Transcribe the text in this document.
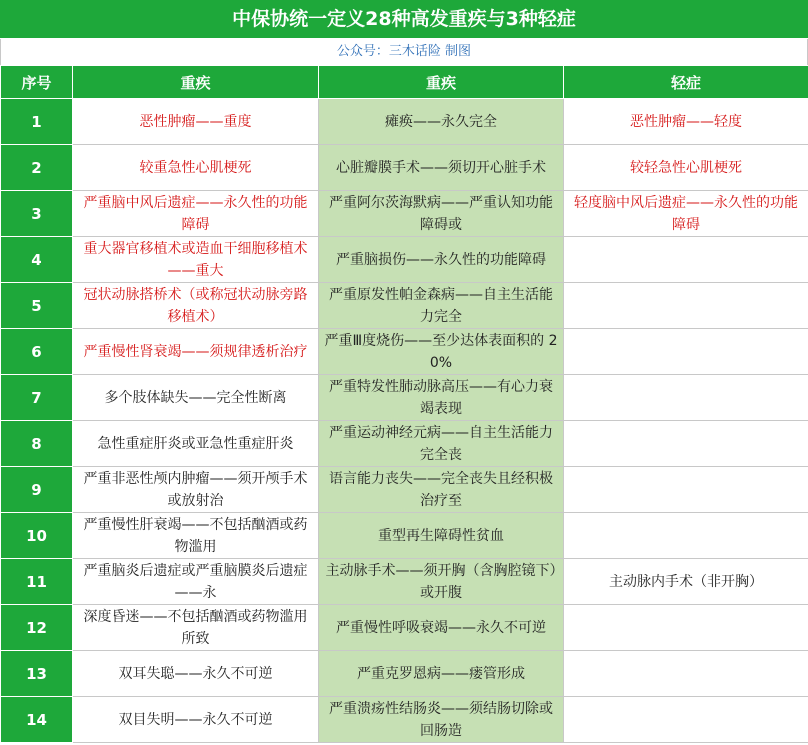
中保协统一定义28种高发重疾与3种轻症
公众号：三木话险 制图
序号	重疾	重疾	轻症
1	恶性肿瘤——重度	瘫痪——永久完全	恶性肿瘤——轻度
2	较重急性心肌梗死	心脏瓣膜手术——须切开心脏手术	较轻急性心肌梗死
3	严重脑中风后遗症——永久性的功能障碍	严重阿尔茨海默病——严重认知功能障碍或	轻度脑中风后遗症——永久性的功能障碍
4	重大器官移植术或造血干细胞移植术——重大	严重脑损伤——永久性的功能障碍	
5	冠状动脉搭桥术（或称冠状动脉旁路移植术）	严重原发性帕金森病——自主生活能力完全	
6	严重慢性肾衰竭——须规律透析治疗	严重Ⅲ度烧伤——至少达体表面积的 20%	
7	多个肢体缺失——完全性断离	严重特发性肺动脉高压——有心力衰竭表现	
8	急性重症肝炎或亚急性重症肝炎	严重运动神经元病——自主生活能力完全丧	
9	严重非恶性颅内肿瘤——须开颅手术或放射治	语言能力丧失——完全丧失且经积极治疗至	
10	严重慢性肝衰竭——不包括酗酒或药物滥用	重型再生障碍性贫血	
11	严重脑炎后遗症或严重脑膜炎后遗症——永	主动脉手术——须开胸（含胸腔镜下）或开腹	主动脉内手术（非开胸）
12	深度昏迷——不包括酗酒或药物滥用所致	严重慢性呼吸衰竭——永久不可逆	
13	双耳失聪——永久不可逆	严重克罗恩病——瘘管形成	
14	双目失明——永久不可逆	严重溃疡性结肠炎——须结肠切除或回肠造	
